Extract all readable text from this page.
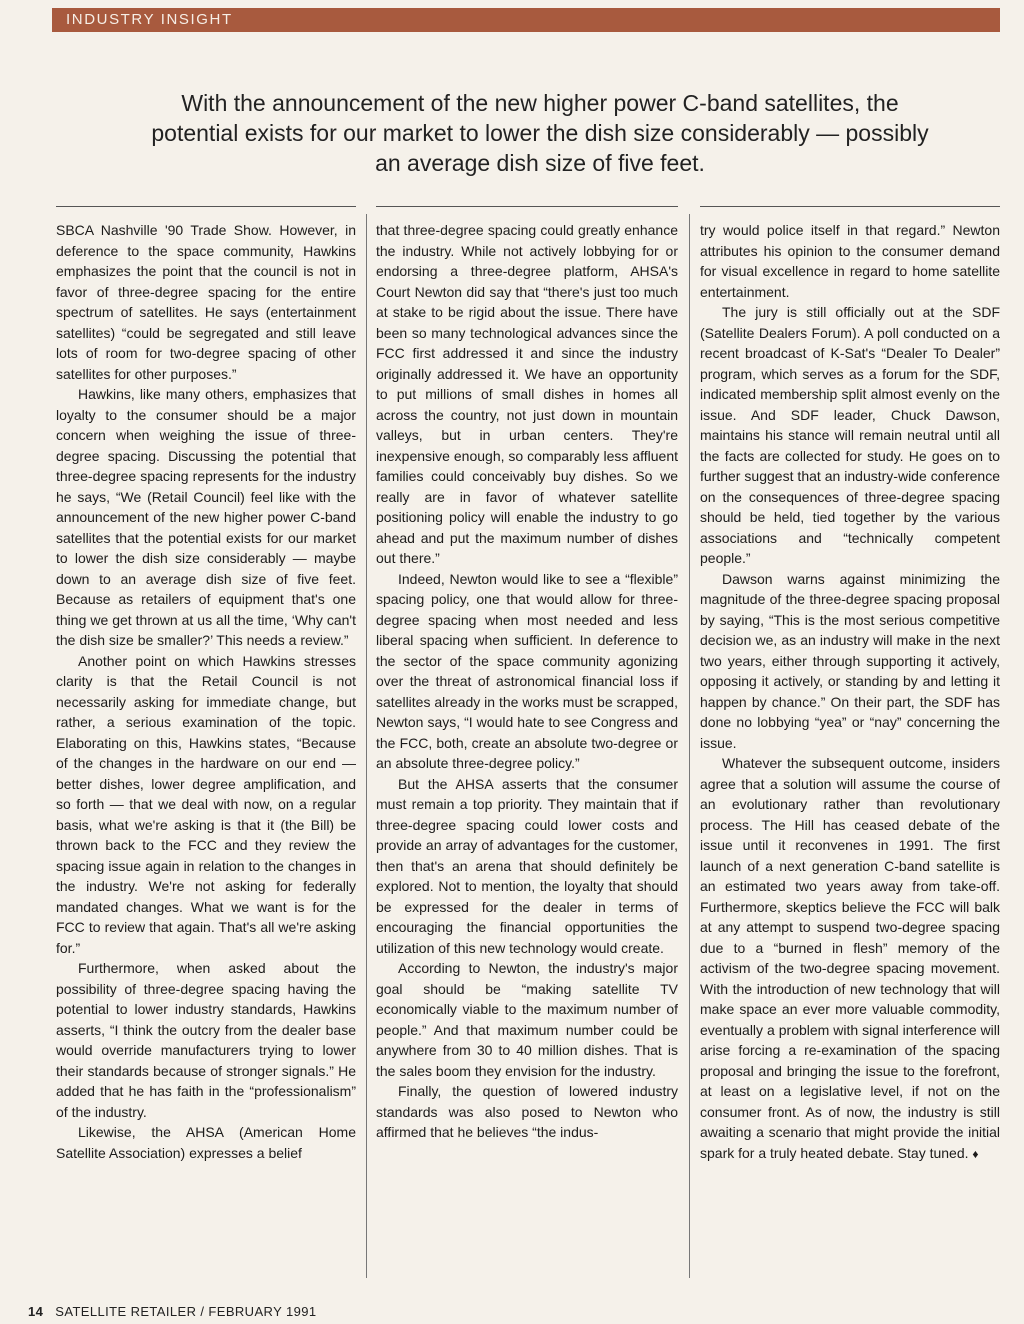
INDUSTRY INSIGHT
With the announcement of the new higher power C-band satellites, the potential exists for our market to lower the dish size considerably — possibly an average dish size of five feet.

SBCA Nashville '90 Trade Show. However, in deference to the space community, Hawkins emphasizes the point that the council is not in favor of three-degree spacing for the entire spectrum of satellites. He says (entertainment satellites) “could be segregated and still leave lots of room for two-degree spacing of other satellites for other purposes.”

Hawkins, like many others, emphasizes that loyalty to the consumer should be a major concern when weighing the issue of three-degree spacing. Discussing the potential that three-degree spacing represents for the industry he says, “We (Retail Council) feel like with the announcement of the new higher power C-band satellites that the potential exists for our market to lower the dish size considerably — maybe down to an average dish size of five feet. Because as retailers of equipment that's one thing we get thrown at us all the time, ‘Why can't the dish size be smaller?’ This needs a review.”

Another point on which Hawkins stresses clarity is that the Retail Council is not necessarily asking for immediate change, but rather, a serious examination of the topic. Elaborating on this, Hawkins states, “Because of the changes in the hardware on our end — better dishes, lower degree amplification, and so forth — that we deal with now, on a regular basis, what we're asking is that it (the Bill) be thrown back to the FCC and they review the spacing issue again in relation to the changes in the industry. We're not asking for federally mandated changes. What we want is for the FCC to review that again. That's all we're asking for.”

Furthermore, when asked about the possibility of three-degree spacing having the potential to lower industry standards, Hawkins asserts, “I think the outcry from the dealer base would override manufacturers trying to lower their standards because of stronger signals.” He added that he has faith in the “professionalism” of the industry.

Likewise, the AHSA (American Home Satellite Association) expresses a belief

that three-degree spacing could greatly enhance the industry. While not actively lobbying for or endorsing a three-degree platform, AHSA's Court Newton did say that “there's just too much at stake to be rigid about the issue. There have been so many technological advances since the FCC first addressed it and since the industry originally addressed it. We have an opportunity to put millions of small dishes in homes all across the country, not just down in mountain valleys, but in urban centers. They're inexpensive enough, so comparably less affluent families could conceivably buy dishes. So we really are in favor of whatever satellite positioning policy will enable the industry to go ahead and put the maximum number of dishes out there.”

Indeed, Newton would like to see a “flexible” spacing policy, one that would allow for three-degree spacing when most needed and less liberal spacing when sufficient. In deference to the sector of the space community agonizing over the threat of astronomical financial loss if satellites already in the works must be scrapped, Newton says, “I would hate to see Congress and the FCC, both, create an absolute two-degree or an absolute three-degree policy.”

But the AHSA asserts that the consumer must remain a top priority. They maintain that if three-degree spacing could lower costs and provide an array of advantages for the customer, then that's an arena that should definitely be explored. Not to mention, the loyalty that should be expressed for the dealer in terms of encouraging the financial opportunities the utilization of this new technology would create.

According to Newton, the industry's major goal should be “making satellite TV economically viable to the maximum number of people.” And that maximum number could be anywhere from 30 to 40 million dishes. That is the sales boom they envision for the industry.

Finally, the question of lowered industry standards was also posed to Newton who affirmed that he believes “the indus-

try would police itself in that regard.” Newton attributes his opinion to the consumer demand for visual excellence in regard to home satellite entertainment.

The jury is still officially out at the SDF (Satellite Dealers Forum). A poll conducted on a recent broadcast of K-Sat's “Dealer To Dealer” program, which serves as a forum for the SDF, indicated membership split almost evenly on the issue. And SDF leader, Chuck Dawson, maintains his stance will remain neutral until all the facts are collected for study. He goes on to further suggest that an industry-wide conference on the consequences of three-degree spacing should be held, tied together by the various associations and “technically competent people.”

Dawson warns against minimizing the magnitude of the three-degree spacing proposal by saying, “This is the most serious competitive decision we, as an industry will make in the next two years, either through supporting it actively, opposing it actively, or standing by and letting it happen by chance.” On their part, the SDF has done no lobbying “yea” or “nay” concerning the issue.

Whatever the subsequent outcome, insiders agree that a solution will assume the course of an evolutionary rather than revolutionary process. The Hill has ceased debate of the issue until it reconvenes in 1991. The first launch of a next generation C-band satellite is an estimated two years away from take-off. Furthermore, skeptics believe the FCC will balk at any attempt to suspend two-degree spacing due to a “burned in flesh” memory of the activism of the two-degree spacing movement. With the introduction of new technology that will make space an ever more valuable commodity, eventually a problem with signal interference will arise forcing a re-examination of the spacing proposal and bringing the issue to the forefront, at least on a legislative level, if not on the consumer front. As of now, the industry is still awaiting a scenario that might provide the initial spark for a truly heated debate. Stay tuned. ♦

14 SATELLITE RETAILER / FEBRUARY 1991
